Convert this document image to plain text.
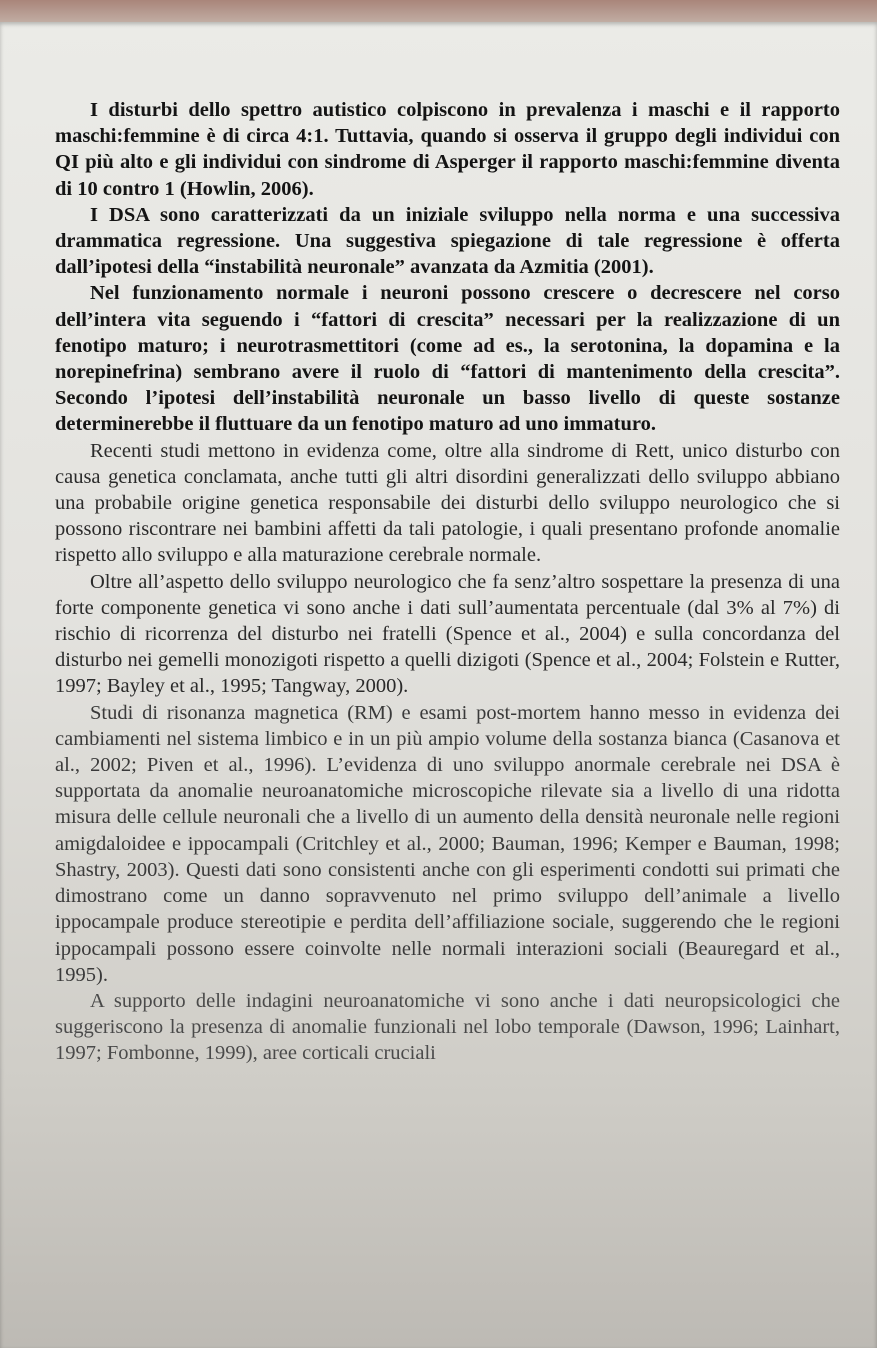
I disturbi dello spettro autistico colpiscono in prevalenza i maschi e il rapporto maschi:femmine è di circa 4:1. Tuttavia, quando si osserva il gruppo degli individui con QI più alto e gli individui con sindrome di Asperger il rapporto maschi:femmine diventa di 10 contro 1 (Howlin, 2006).

I DSA sono caratterizzati da un iniziale sviluppo nella norma e una successiva drammatica regressione. Una suggestiva spiegazione di tale regressione è offerta dall’ipotesi della “instabilità neuronale” avanzata da Azmitia (2001).

Nel funzionamento normale i neuroni possono crescere o decrescere nel corso dell’intera vita seguendo i “fattori di crescita” necessari per la realizzazione di un fenotipo maturo; i neurotrasmettitori (come ad es., la serotonina, la dopamina e la norepinefrina) sembrano avere il ruolo di “fattori di mantenimento della crescita”. Secondo l’ipotesi dell’instabilità neuronale un basso livello di queste sostanze determinerebbe il fluttuare da un fenotipo maturo ad uno immaturo.

Recenti studi mettono in evidenza come, oltre alla sindrome di Rett, unico disturbo con causa genetica conclamata, anche tutti gli altri disordini generalizzati dello sviluppo abbiano una probabile origine genetica responsabile dei disturbi dello sviluppo neurologico che si possono riscontrare nei bambini affetti da tali patologie, i quali presentano profonde anomalie rispetto allo sviluppo e alla maturazione cerebrale normale.

Oltre all’aspetto dello sviluppo neurologico che fa senz’altro sospettare la presenza di una forte componente genetica vi sono anche i dati sull’aumentata percentuale (dal 3% al 7%) di rischio di ricorrenza del disturbo nei fratelli (Spence et al., 2004) e sulla concordanza del disturbo nei gemelli monozigoti rispetto a quelli dizigoti (Spence et al., 2004; Folstein e Rutter, 1997; Bayley et al., 1995; Tangway, 2000).

Studi di risonanza magnetica (RM) e esami post-mortem hanno messo in evidenza dei cambiamenti nel sistema limbico e in un più ampio volume della sostanza bianca (Casanova et al., 2002; Piven et al., 1996). L’evidenza di uno sviluppo anormale cerebrale nei DSA è supportata da anomalie neuroanatomiche microscopiche rilevate sia a livello di una ridotta misura delle cellule neuronali che a livello di un aumento della densità neuronale nelle regioni amigdaloidee e ippocampali (Critchley et al., 2000; Bauman, 1996; Kemper e Bauman, 1998; Shastry, 2003). Questi dati sono consistenti anche con gli esperimenti condotti sui primati che dimostrano come un danno sopravvenuto nel primo sviluppo dell’animale a livello ippocampale produce stereotipie e perdita dell’affiliazione sociale, suggerendo che le regioni ippocampali possono essere coinvolte nelle normali interazioni sociali (Beauregard et al., 1995).

A supporto delle indagini neuroanatomiche vi sono anche i dati neuropsicologici che suggeriscono la presenza di anomalie funzionali nel lobo temporale (Dawson, 1996; Lainhart, 1997; Fombonne, 1999), aree corticali cruciali
